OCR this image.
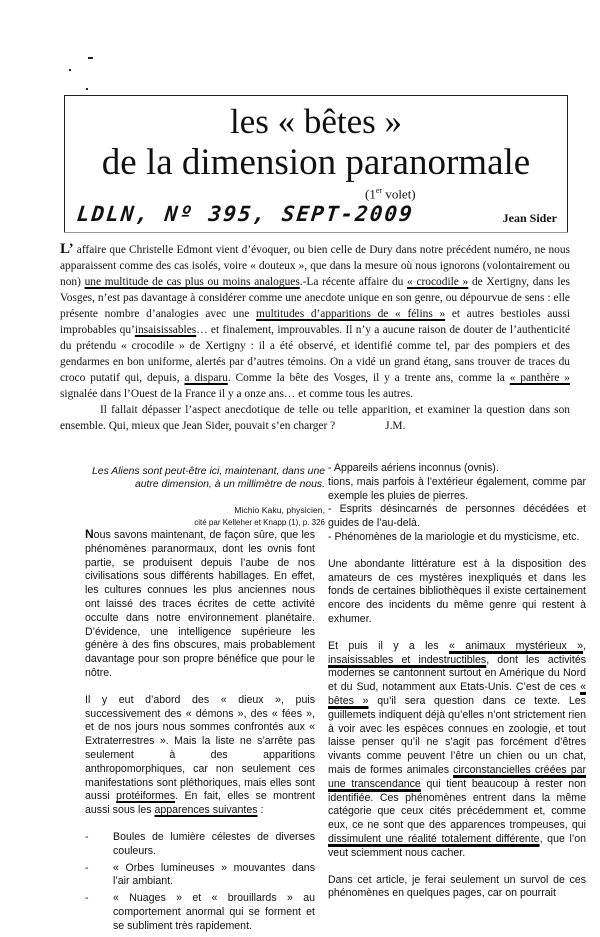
les « bêtes »
de la dimension paranormale
(1er volet)
LDLN, Nº 395, SEPT-2009	Jean Sider

L’ affaire que Christelle Edmont vient d’évoquer, ou bien celle de Dury dans notre précédent numéro, ne nous apparaissent comme des cas isolés, voire « douteux », que dans la mesure où nous ignorons (volontairement ou non) une multitude de cas plus ou moins analogues.-La récente affaire du « crocodile » de Xertigny, dans les Vosges, n’est pas davantage à considérer comme une anecdote unique en son genre, ou dépourvue de sens : elle présente nombre d’analogies avec une multitudes d’apparitions de « félins » et autres bestioles aussi improbables qu’insaisissables… et finalement, improuvables. Il n’y a aucune raison de douter de l’authenticité du prétendu « crocodile » de Xertigny : il a été observé, et identifié comme tel, par des pompiers et des gendarmes en bon uniforme, alertés par d’autres témoins. On a vidé un grand étang, sans trouver de traces du croco putatif qui, depuis, a disparu. Comme la bête des Vosges, il y a trente ans, comme la « panthère » signalée dans l’Ouest de la France il y a onze ans… et comme tous les autres.

Il fallait dépasser l’aspect anecdotique de telle ou telle apparition, et examiner la question dans son ensemble. Qui, mieux que Jean Sider, pouvait s’en charger ?	J.M.

Les Aliens sont peut-être ici, maintenant, dans une autre dimension, à un millimètre de nous.
Michio Kaku, physicien,
cité par Kelleher et Knapp (1), p. 326

Nous savons maintenant, de façon sûre, que les phénomènes paranormaux, dont les ovnis font partie, se produisent depuis l’aube de nos civilisations sous différents habillages. En effet, les cultures connues les plus anciennes nous ont laissé des traces écrites de cette activité occulte dans notre environnement planétaire. D’évidence, une intelligence supérieure les génère à des fins obscures, mais probablement davantage pour son propre bénéfice que pour le nôtre.

Il y eut d’abord des « dieux », puis successivement des « démons », des « fées », et de nos jours nous sommes confrontés aux « Extraterrestres ». Mais la liste ne s’arrête pas seulement à des apparitions anthropomorphiques, car non seulement ces manifestations sont pléthoriques, mais elles sont aussi protéiformes. En fait, elles se montrent aussi sous les apparences suivantes :

- Boules de lumière célestes de diverses couleurs.
- « Orbes lumineuses » mouvantes dans l’air ambiant.
- « Nuages » et « brouillards » au comportement anormal qui se forment et se subliment très rapidement.
- Appareils aériens inconnus (ovnis).
tions, mais parfois à l’extérieur également, comme par exemple les pluies de pierres.
- Esprits désincarnés de personnes décédées et guides de l’au-delà.

- Phénomènes de la mariologie et du mysticisme, etc.

Une abondante littérature est à la disposition des amateurs de ces mystères inexpliqués et dans les fonds de certaines bibliothèques il existe certainement encore des incidents du même genre qui restent à exhumer.

Et puis il y a les « animaux mystérieux », insaisissables et indestructibles, dont les activités modernes se cantonnent surtout en Amérique du Nord et du Sud, notamment aux Etats-Unis. C’est de ces « bêtes » qu’il sera question dans ce texte. Les guillemets indiquent déjà qu’elles n’ont strictement rien à voir avec les espèces connues en zoologie, et tout laisse penser qu’il ne s’agit pas forcément d’êtres vivants comme peuvent l’être un chien ou un chat, mais de formes animales circonstancielles créées par une transcendance qui tient beaucoup à rester non identifiée. Ces phénomènes entrent dans la même catégorie que ceux cités précédemment et, comme eux, ce ne sont que des apparences trompeuses, qui dissimulent une réalité totalement différente, que l’on veut sciemment nous cacher.

Dans cet article, je ferai seulement un survol de ces phénomènes en quelques pages, car on pourrait
